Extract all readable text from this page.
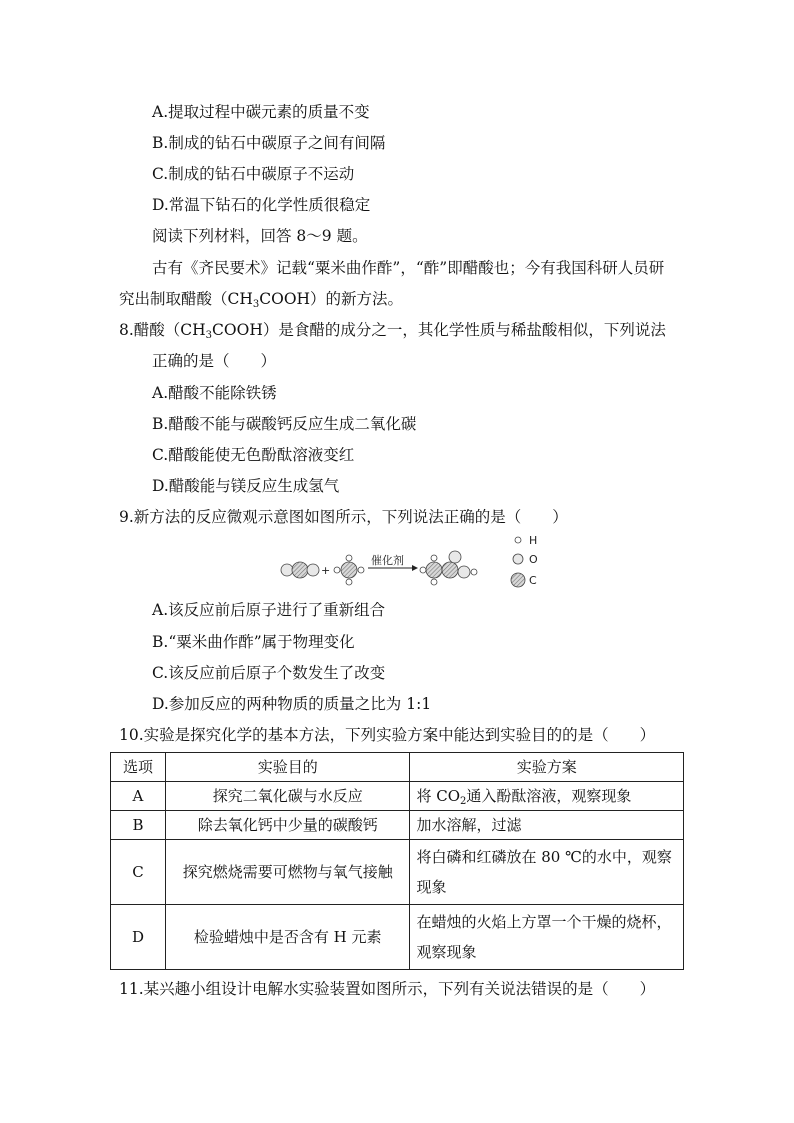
A.提取过程中碳元素的质量不变
B.制成的钻石中碳原子之间有间隔
C.制成的钻石中碳原子不运动
D.常温下钻石的化学性质很稳定
阅读下列材料，回答 8～9 题。
古有《齐民要术》记载“粟米曲作酢”，“酢”即醋酸也；今有我国科研人员研
究出制取醋酸$(CH_3COOH)$的新方法。
8.醋酸$(CH_3COOH)$是食醋的成分之一，其化学性质与稀盐酸相似，下列说法
正确的是（　　）
A.醋酸不能除铁锈
B.醋酸不能与碳酸钙反应生成二氧化碳
C.醋酸能使无色酚酞溶液变红
D.醋酸能与镁反应生成氢气
9.新方法的反应微观示意图如图所示，下列说法正确的是（　　）
+
催化剂
H
O
C
A.该反应前后原子进行了重新组合
B.“粟米曲作酢”属于物理变化
C.该反应前后原子个数发生了改变
D.参加反应的两种物质的质量之比为 1:1
10.实验是探究化学的基本方法，下列实验方案中能达到实验目的的是（　　）
选项	实验目的	实验方案
A	探究二氧化碳与水反应	将 $CO_2$通入酚酞溶液，观察现象
B	除去氧化钙中少量的碳酸钙	加水溶解，过滤
C	探究燃烧需要可燃物与氧气接触	将白磷和红磷放在 80 ℃的水中，观察
现象
D	检验蜡烛中是否含有 H 元素	在蜡烛的火焰上方罩一个干燥的烧杯，
观察现象
11.某兴趣小组设计电解水实验装置如图所示，下列有关说法错误的是（　　）
